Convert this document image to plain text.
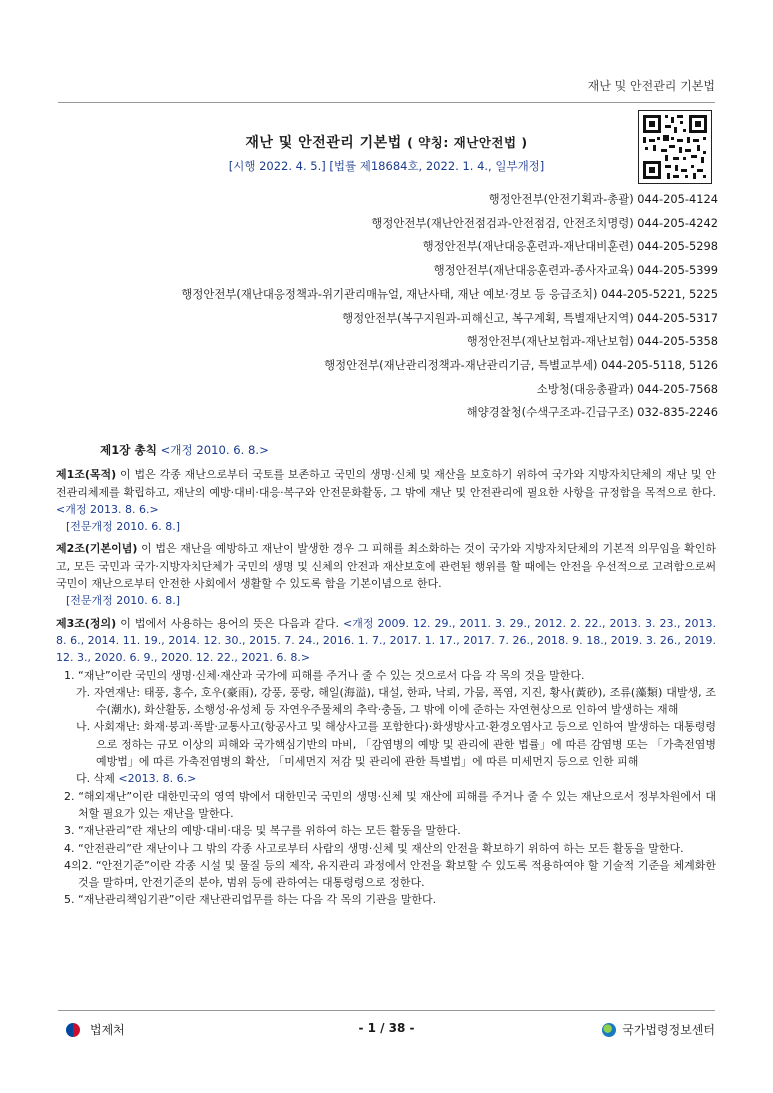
재난 및 안전관리 기본법
재난 및 안전관리 기본법 ( 약칭: 재난안전법 )
[시행 2022. 4. 5.] [법률 제18684호, 2022. 1. 4., 일부개정]
행정안전부(안전기획과-총괄) 044-205-4124
행정안전부(재난안전점검과-안전점검, 안전조치명령) 044-205-4242
행정안전부(재난대응훈련과-재난대비훈련) 044-205-5298
행정안전부(재난대응훈련과-종사자교육) 044-205-5399
행정안전부(재난대응정책과-위기관리매뉴얼, 재난사태, 재난 예보·경보 등 응급조치) 044-205-5221, 5225
행정안전부(복구지원과-피해신고, 복구계획, 특별재난지역) 044-205-5317
행정안전부(재난보험과-재난보험) 044-205-5358
행정안전부(재난관리정책과-재난관리기금, 특별교부세) 044-205-5118, 5126
소방청(대응총괄과) 044-205-7568
해양경찰청(수색구조과-긴급구조) 032-835-2246
제1장 총칙 <개정 2010. 6. 8.>
제1조(목적) 이 법은 각종 재난으로부터 국토를 보존하고 국민의 생명·신체 및 재산을 보호하기 위하여 국가와 지방자치단체의 재난 및 안전관리체제를 확립하고, 재난의 예방·대비·대응·복구와 안전문화활동, 그 밖에 재난 및 안전관리에 필요한 사항을 규정함을 목적으로 한다. <개정 2013. 8. 6.>
[전문개정 2010. 6. 8.]
제2조(기본이념) 이 법은 재난을 예방하고 재난이 발생한 경우 그 피해를 최소화하는 것이 국가와 지방자치단체의 기본적 의무임을 확인하고, 모든 국민과 국가·지방자치단체가 국민의 생명 및 신체의 안전과 재산보호에 관련된 행위를 할 때에는 안전을 우선적으로 고려함으로써 국민이 재난으로부터 안전한 사회에서 생활할 수 있도록 함을 기본이념으로 한다.
[전문개정 2010. 6. 8.]
제3조(정의) 이 법에서 사용하는 용어의 뜻은 다음과 같다. <개정 2009. 12. 29., 2011. 3. 29., 2012. 2. 22., 2013. 3. 23., 2013. 8. 6., 2014. 11. 19., 2014. 12. 30., 2015. 7. 24., 2016. 1. 7., 2017. 1. 17., 2017. 7. 26., 2018. 9. 18., 2019. 3. 26., 2019. 12. 3., 2020. 6. 9., 2020. 12. 22., 2021. 6. 8.>
1. “재난”이란 국민의 생명·신체·재산과 국가에 피해를 주거나 줄 수 있는 것으로서 다음 각 목의 것을 말한다.
가. 자연재난: 태풍, 홍수, 호우(豪雨), 강풍, 풍랑, 해일(海溢), 대설, 한파, 낙뢰, 가뭄, 폭염, 지진, 황사(黃砂), 조류(藻類) 대발생, 조수(潮水), 화산활동, 소행성·유성체 등 자연우주물체의 추락·충돌, 그 밖에 이에 준하는 자연현상으로 인하여 발생하는 재해
나. 사회재난: 화재·붕괴·폭발·교통사고(항공사고 및 해상사고를 포함한다)·화생방사고·환경오염사고 등으로 인하여 발생하는 대통령령으로 정하는 규모 이상의 피해와 국가핵심기반의 마비, 「감염병의 예방 및 관리에 관한 법률」에 따른 감염병 또는 「가축전염병예방법」에 따른 가축전염병의 확산, 「미세먼지 저감 및 관리에 관한 특별법」에 따른 미세먼지 등으로 인한 피해
다. 삭제 <2013. 8. 6.>
2. “해외재난”이란 대한민국의 영역 밖에서 대한민국 국민의 생명·신체 및 재산에 피해를 주거나 줄 수 있는 재난으로서 정부차원에서 대처할 필요가 있는 재난을 말한다.
3. “재난관리”란 재난의 예방·대비·대응 및 복구를 위하여 하는 모든 활동을 말한다.
4. “안전관리”란 재난이나 그 밖의 각종 사고로부터 사람의 생명·신체 및 재산의 안전을 확보하기 위하여 하는 모든 활동을 말한다.
4의2. “안전기준”이란 각종 시설 및 물질 등의 제작, 유지관리 과정에서 안전을 확보할 수 있도록 적용하여야 할 기술적 기준을 체계화한 것을 말하며, 안전기준의 분야, 범위 등에 관하여는 대통령령으로 정한다.
5. “재난관리책임기관”이란 재난관리업무를 하는 다음 각 목의 기관을 말한다.
법제처	- 1 / 38 -	국가법령정보센터
